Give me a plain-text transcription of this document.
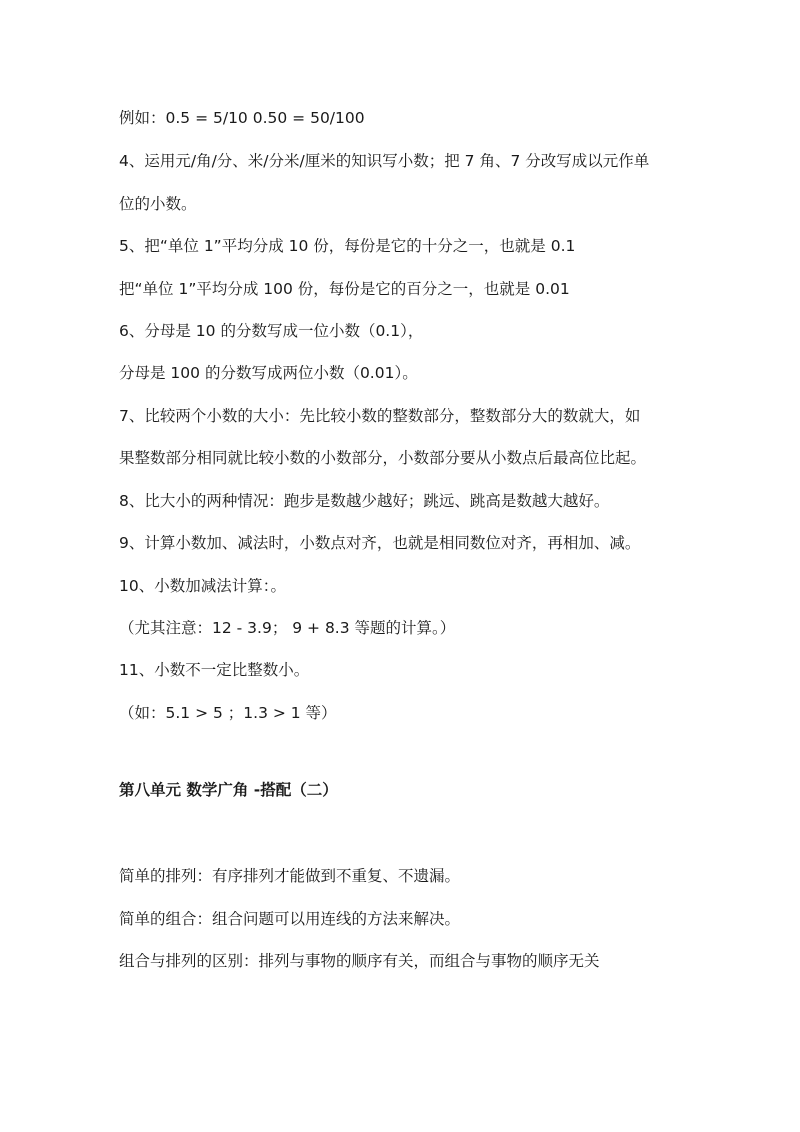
例如：0.5 = 5/10 0.50 = 50/100
4、运用元/角/分、米/分米/厘米的知识写小数；把 7 角、7 分改写成以元作单
位的小数。
5、把“单位 1”平均分成 10 份，每份是它的十分之一，也就是 0.1
把“单位 1”平均分成 100 份，每份是它的百分之一，也就是 0.01
6、分母是 10 的分数写成一位小数（0.1），
分母是 100 的分数写成两位小数（0.01）。
7、比较两个小数的大小：先比较小数的整数部分，整数部分大的数就大，如
果整数部分相同就比较小数的小数部分，小数部分要从小数点后最高位比起。
8、比大小的两种情况：跑步是数越少越好；跳远、跳高是数越大越好。
9、计算小数加、减法时，小数点对齐，也就是相同数位对齐，再相加、减。
10、小数加减法计算：。
（尤其注意：12 - 3.9； 9 + 8.3 等题的计算。）
11、小数不一定比整数小。
（如：5.1 > 5 ；1.3 > 1 等）
第八单元 数学广角 -搭配（二）
简单的排列：有序排列才能做到不重复、不遗漏。
简单的组合：组合问题可以用连线的方法来解决。
组合与排列的区别：排列与事物的顺序有关，而组合与事物的顺序无关
